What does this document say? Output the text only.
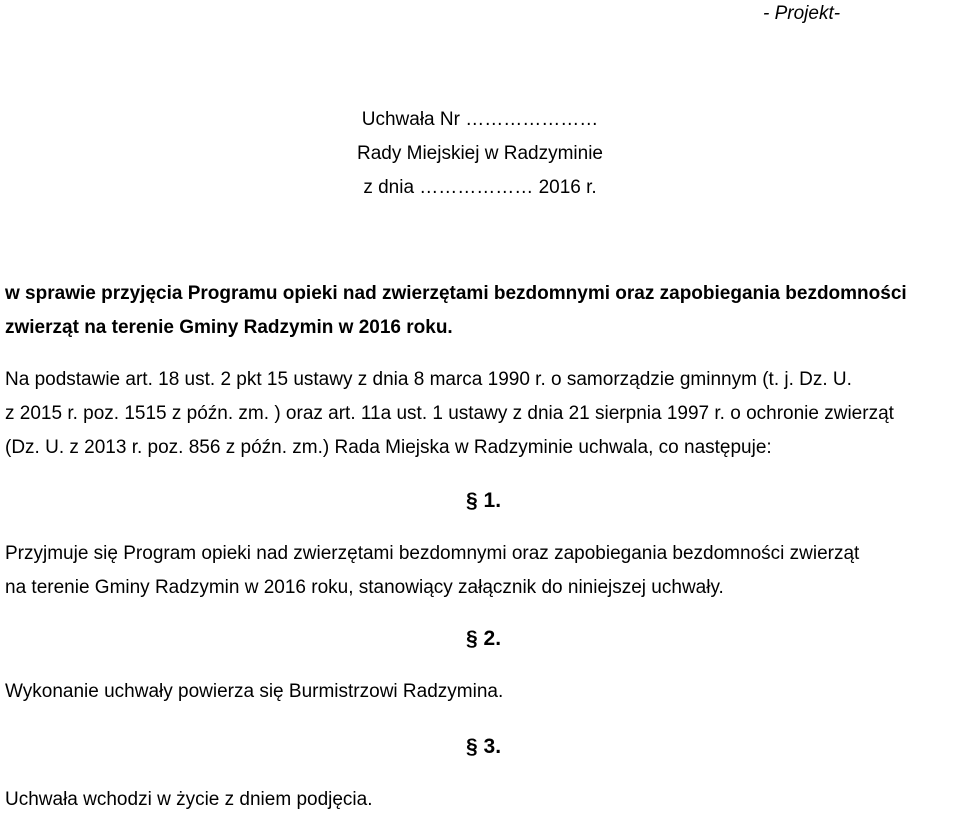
- Projekt-
Uchwała Nr …………………
Rady Miejskiej w Radzyminie
z dnia ……………… 2016 r.
w sprawie przyjęcia Programu opieki nad zwierzętami bezdomnymi oraz zapobiegania bezdomności
zwierząt na terenie Gminy Radzymin w 2016 roku.
Na podstawie art. 18 ust. 2 pkt 15 ustawy z dnia 8 marca 1990 r. o samorządzie gminnym (t. j. Dz. U.
z 2015 r. poz. 1515 z późn. zm. ) oraz art. 11a ust. 1 ustawy z dnia 21 sierpnia 1997 r. o ochronie zwierząt
(Dz. U. z 2013 r. poz. 856 z późn. zm.) Rada Miejska w Radzyminie uchwala, co następuje:
§ 1.
Przyjmuje się Program opieki nad zwierzętami bezdomnymi oraz zapobiegania bezdomności zwierząt
na terenie Gminy Radzymin w 2016 roku, stanowiący załącznik do niniejszej uchwały.
§ 2.
Wykonanie uchwały powierza się Burmistrzowi Radzymina.
§ 3.
Uchwała wchodzi w życie z dniem podjęcia.
